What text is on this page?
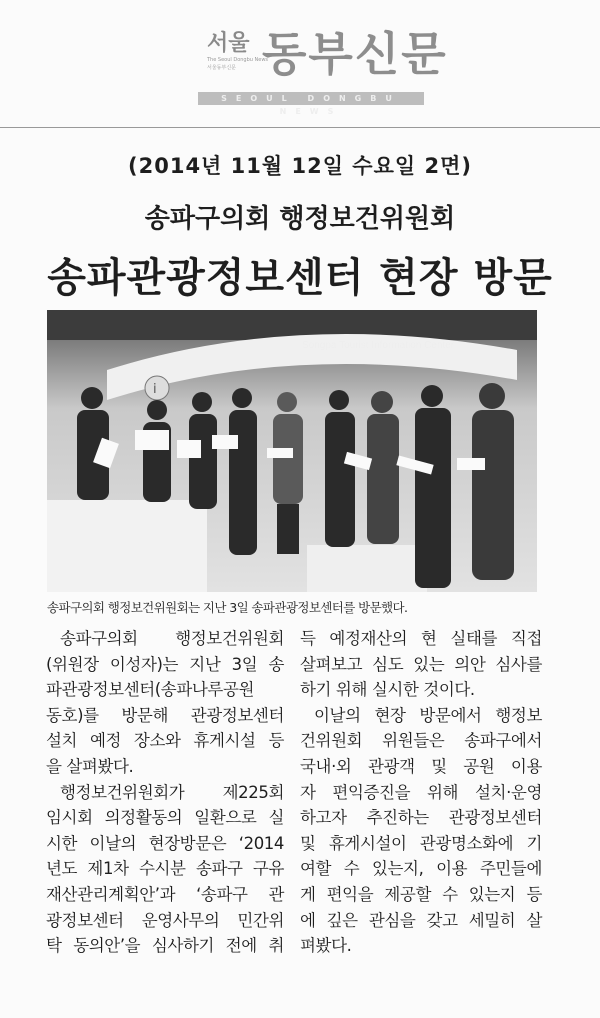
서울
The Seoul Dongbu News
서울동부신문 동부신문
SEOUL DONGBU NEWS
(2014년 11월 12일 수요일 2면)
송파구의회 행정보건위원회
송파관광정보센터 현장 방문
i
Songpa Tourist Information Center
송파구의회 행정보건위원회는 지난 3일 송파관광정보센터를 방문했다.
송파구의회 행정보건위원회
(위원장 이성자)는 지난 3일 송
파관광정보센터(송파나루공원
동호)를 방문해 관광정보센터
설치 예정 장소와 휴게시설 등
을 살펴봤다.
행정보건위원회가 제225회
임시회 의정활동의 일환으로 실
시한 이날의 현장방문은 ‘2014
년도 제1차 수시분 송파구 구유
재산관리계획안’과 ‘송파구 관
광정보센터 운영사무의 민간위
탁 동의안’을 심사하기 전에 취
득 예정재산의 현 실태를 직접
살펴보고 심도 있는 의안 심사를
하기 위해 실시한 것이다.
이날의 현장 방문에서 행정보
건위원회 위원들은 송파구에서
국내·외 관광객 및 공원 이용
자 편익증진을 위해 설치·운영
하고자 추진하는 관광정보센터
및 휴게시설이 관광명소화에 기
여할 수 있는지, 이용 주민들에
게 편익을 제공할 수 있는지 등
에 깊은 관심을 갖고 세밀히 살
펴봤다.
